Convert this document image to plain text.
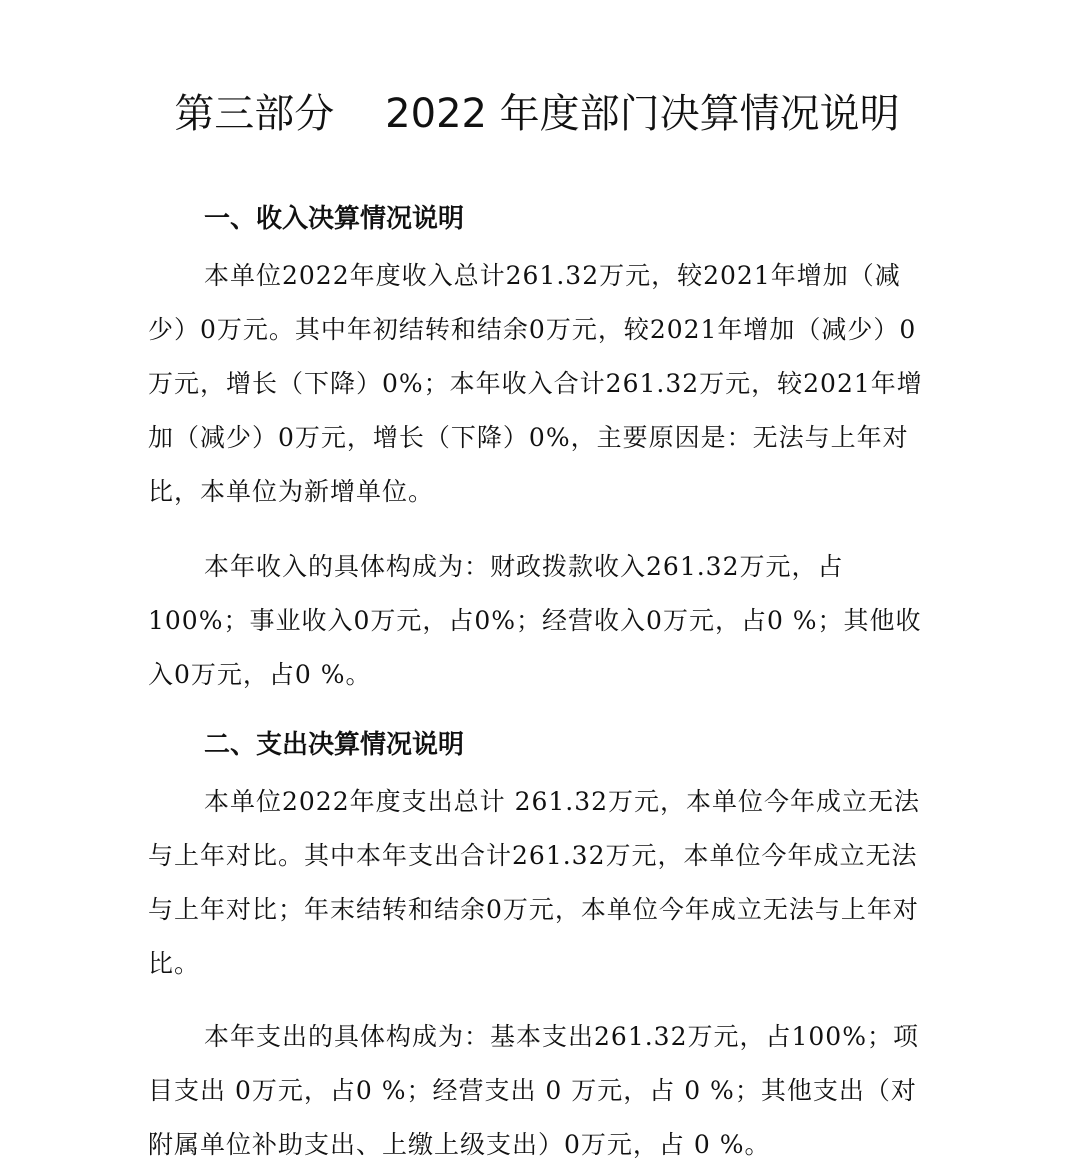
第三部分    2022 年度部门决算情况说明
一、收入决算情况说明

本单位2022年度收入总计261.32万元，较2021年增加（减少）0万元。其中年初结转和结余0万元，较2021年增加（减少）0万元，增长（下降）0%；本年收入合计261.32万元，较2021年增加（减少）0万元，增长（下降）0%，主要原因是：无法与上年对比，本单位为新增单位。

本年收入的具体构成为：财政拨款收入261.32万元，占100%；事业收入0万元，占0%；经营收入0万元，占0 %；其他收入0万元，占0 %。

二、支出决算情况说明

本单位2022年度支出总计 261.32万元，本单位今年成立无法与上年对比。其中本年支出合计261.32万元，本单位今年成立无法与上年对比；年末结转和结余0万元，本单位今年成立无法与上年对比。

本年支出的具体构成为：基本支出261.32万元，占100%；项目支出 0万元，占0 %；经营支出 0 万元，占 0 %；其他支出（对附属单位补助支出、上缴上级支出）0万元，占 0 %。
